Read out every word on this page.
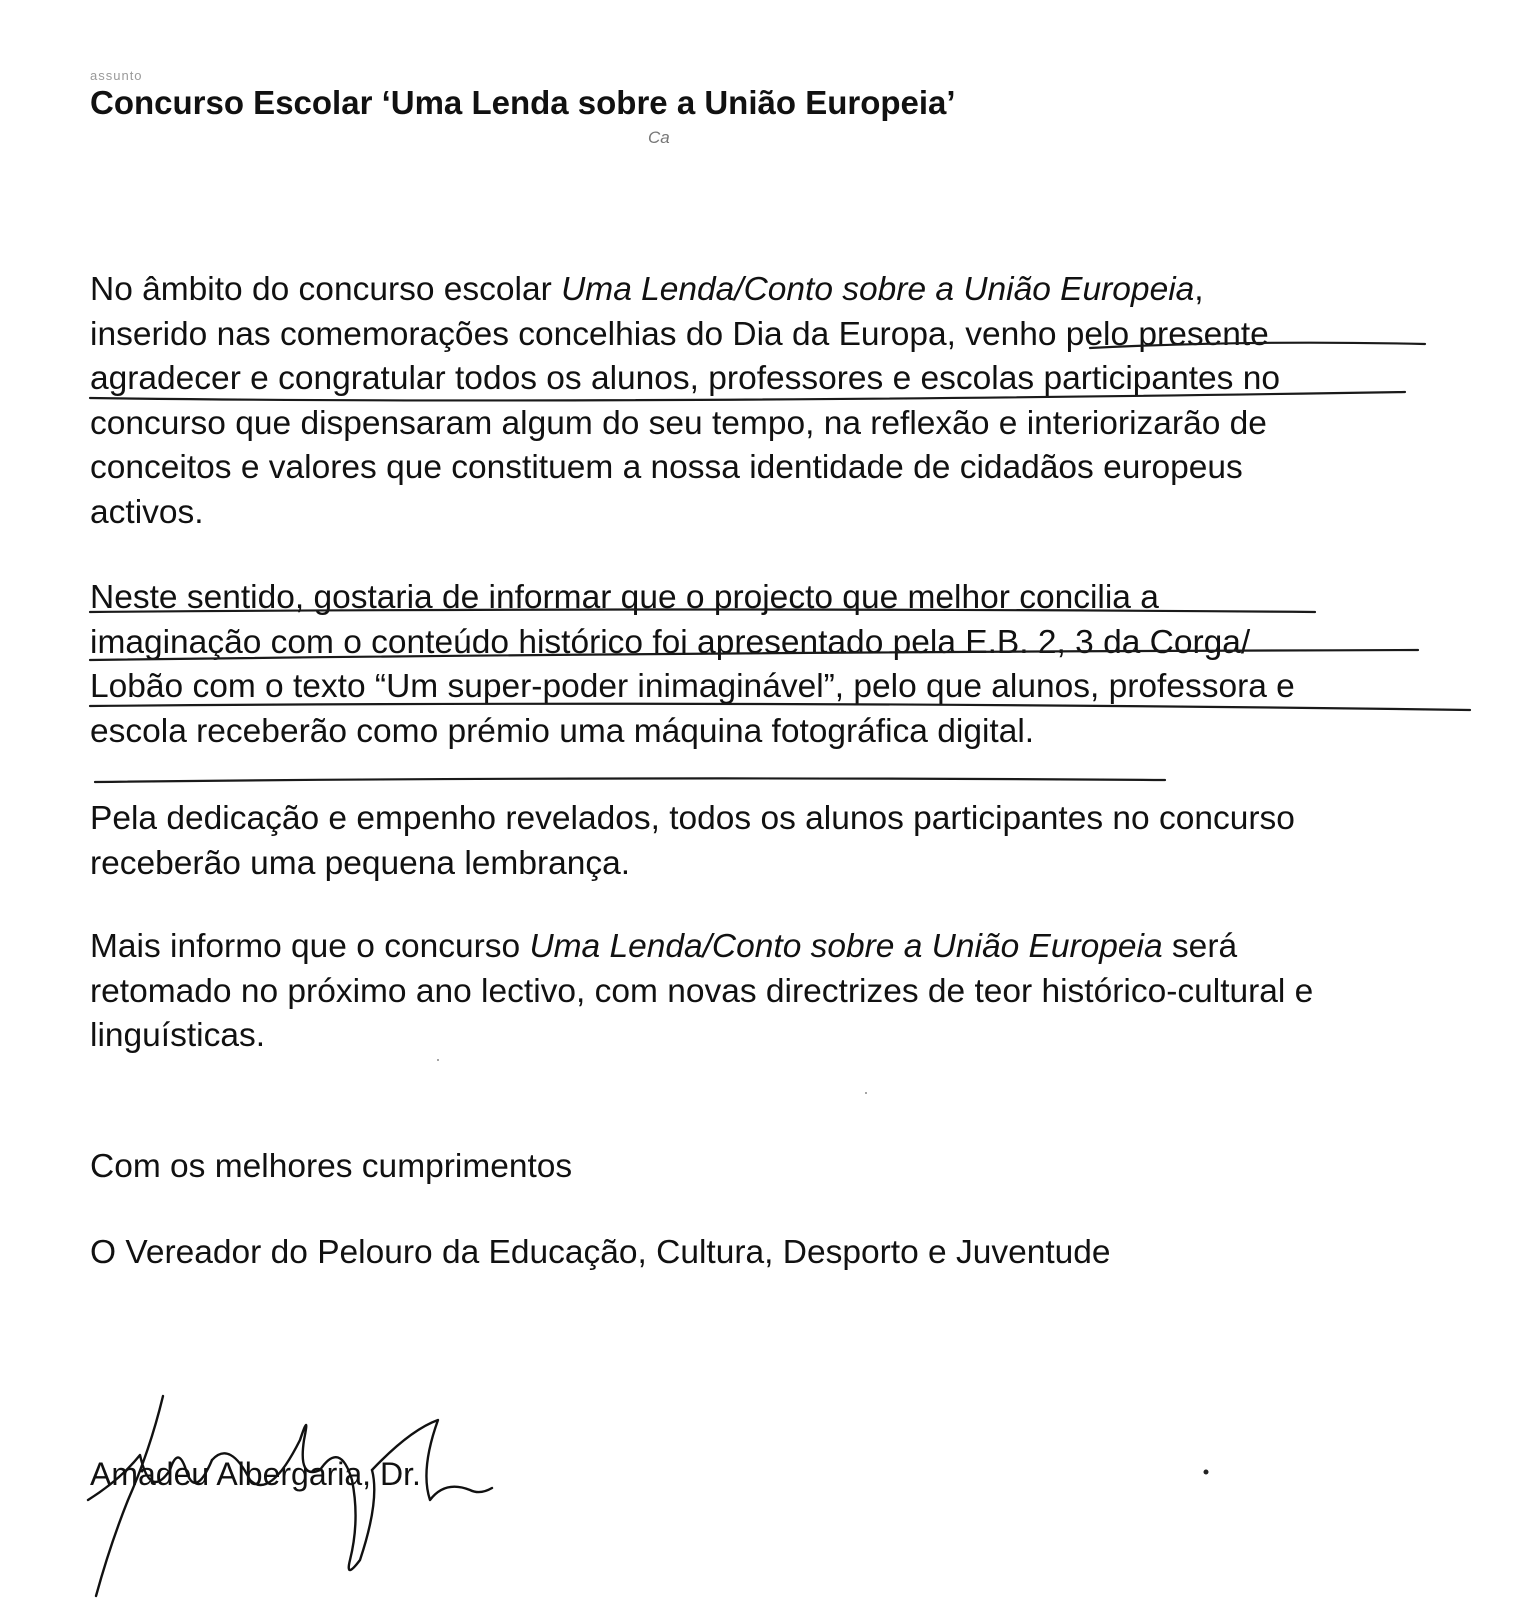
assunto
Concurso Escolar ‘Uma Lenda sobre a União Europeia’
Ca

No âmbito do concurso escolar Uma Lenda/Conto sobre a União Europeia,

inserido nas comemorações concelhias do Dia da Europa, venho pelo presente

agradecer e congratular todos os alunos, professores e escolas participantes no

concurso que dispensaram algum do seu tempo, na reflexão e interiorizarão de

conceitos e valores que constituem a nossa identidade de cidadãos europeus

activos.

Neste sentido, gostaria de informar que o projecto que melhor concilia a

imaginação com o conteúdo histórico foi apresentado pela E.B. 2, 3 da Corga/

Lobão com o texto “Um super-poder inimaginável”, pelo que alunos, professora e

escola receberão como prémio uma máquina fotográfica digital.

Pela dedicação e empenho revelados, todos os alunos participantes no concurso

receberão uma pequena lembrança.

Mais informo que o concurso Uma Lenda/Conto sobre a União Europeia será

retomado no próximo ano lectivo, com novas directrizes de teor histórico-cultural e

linguísticas.

Com os melhores cumprimentos
O Vereador do Pelouro da Educação, Cultura, Desporto e Juventude
Amadeu Albergaria, Dr.
